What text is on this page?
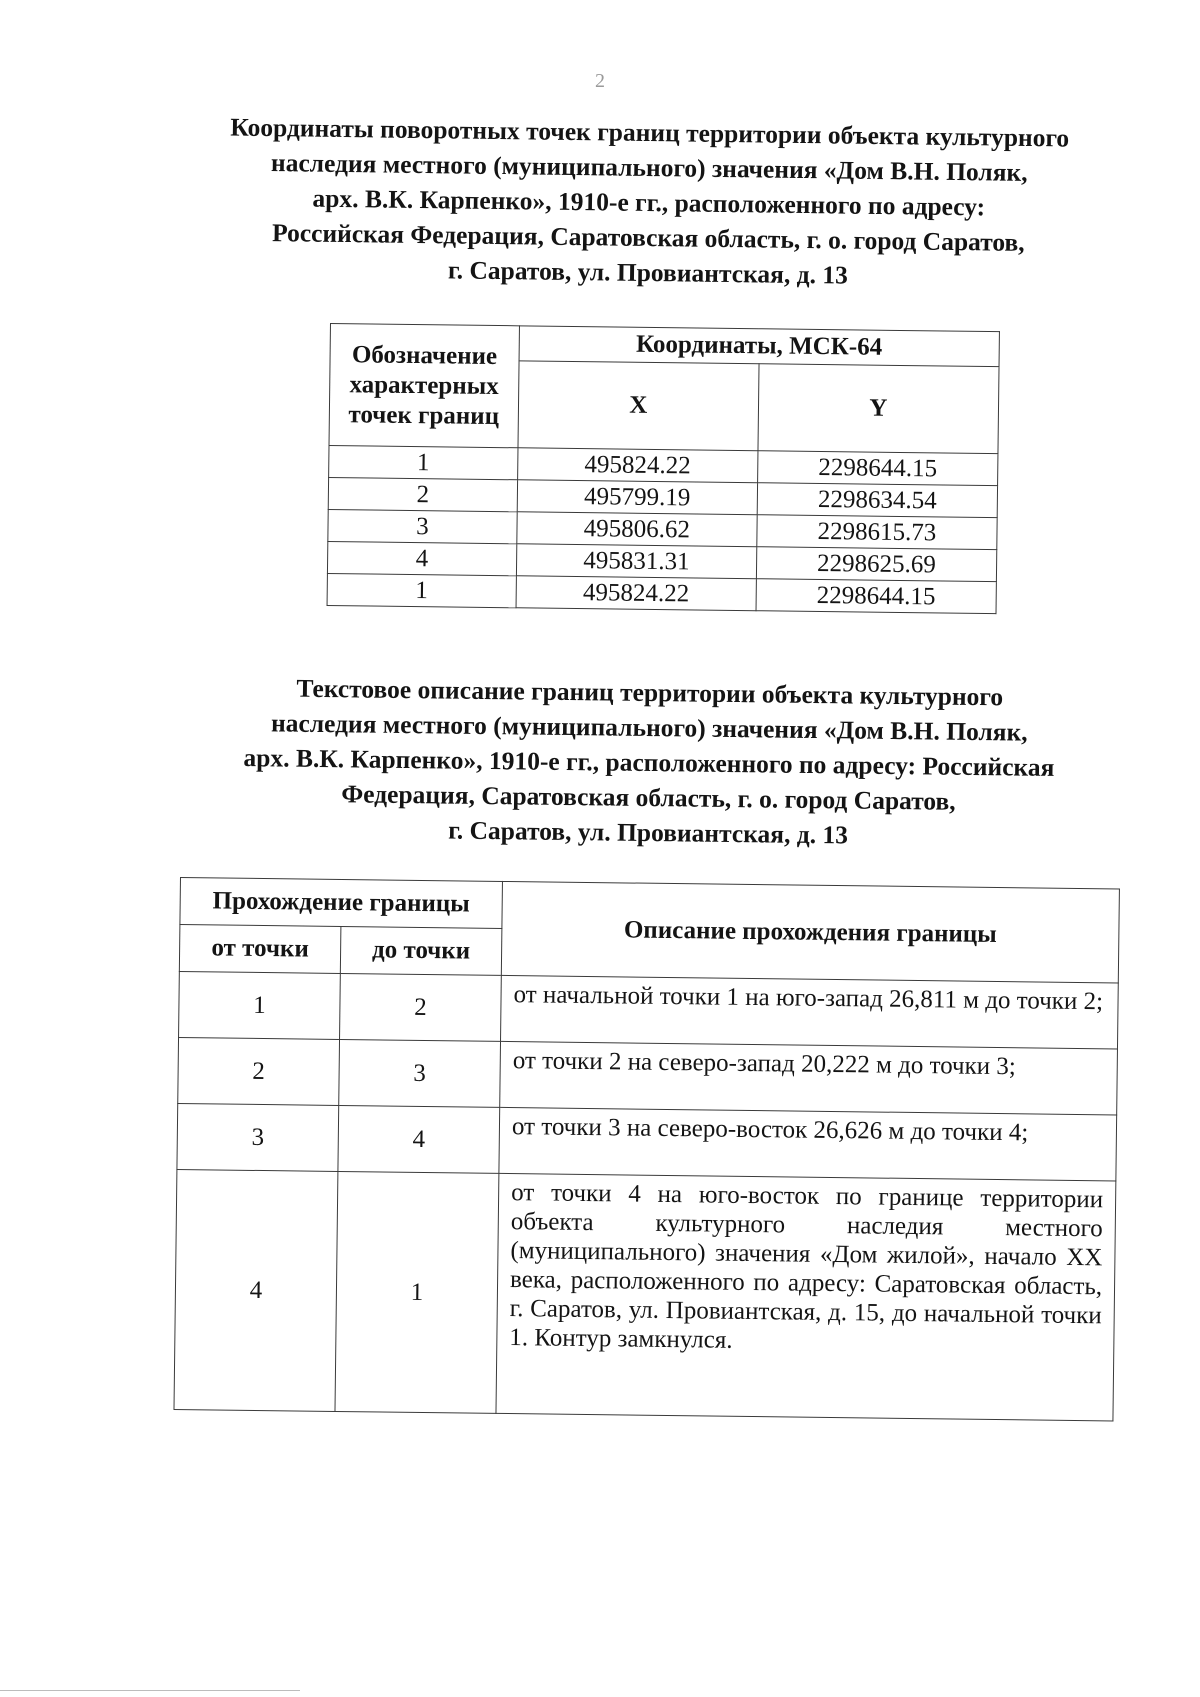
2
Координаты поворотных точек границ территории объекта культурного
наследия местного (муниципального) значения «Дом В.Н. Поляк,
арх. В.К. Карпенко», 1910-е гг., расположенного по адресу:
Российская Федерация, Саратовская область, г. о. город Саратов,
г. Саратов, ул. Провиантская, д. 13
Обозначение характерных точек границ	Координаты, МСК-64	
	X	Y
1	495824.22	2298644.15
2	495799.19	2298634.54
3	495806.62	2298615.73
4	495831.31	2298625.69
1	495824.22	2298644.15
Текстовое описание границ территории объекта культурного
наследия местного (муниципального) значения «Дом В.Н. Поляк,
арх. В.К. Карпенко», 1910-е гг., расположенного по адресу: Российская
Федерация, Саратовская область, г. о. город Саратов,
г. Саратов, ул. Провиантская, д. 13
Прохождение границы		Описание прохождения границы
от точки	до точки	
1	2	от начальной точки 1 на юго-запад 26,811 м до точки 2;
2	3	от точки 2 на северо-запад 20,222 м до точки 3;
3	4	от точки 3 на северо-восток 26,626 м до точки 4;
4	1	от точки 4 на юго-восток по границе территории объекта культурного наследия местного (муниципального) значения «Дом жилой», начало XX века, расположенного по адресу: Саратовская область, г. Саратов, ул. Провиантская, д. 15, до начальной точки 1. Контур замкнулся.
